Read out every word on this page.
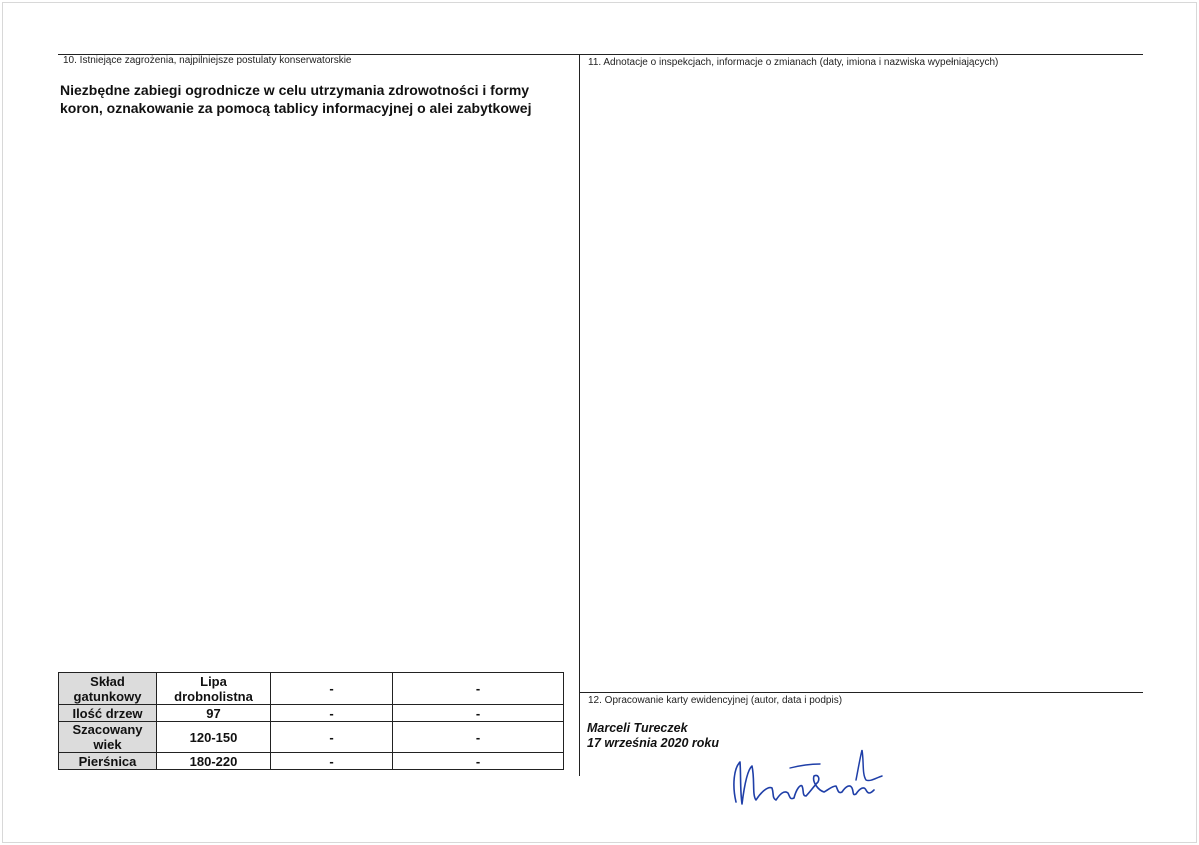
10. Istniejące zagrożenia, najpilniejsze postulaty konserwatorskie
Niezbędne zabiegi ogrodnicze w celu utrzymania zdrowotności i formy koron, oznakowanie za pomocą tablicy informacyjnej o alei zabytkowej
11. Adnotacje o inspekcjach, informacje o zmianach (daty, imiona i nazwiska wypełniających)
12. Opracowanie karty ewidencyjnej (autor, data i podpis)
Marceli Tureczek
17 września 2020 roku
Skład gatunkowy	Lipa drobnolistna	-	-
Ilość drzew	97	-	-
Szacowany wiek	120-150	-	-
Pierśnica	180-220	-	-
